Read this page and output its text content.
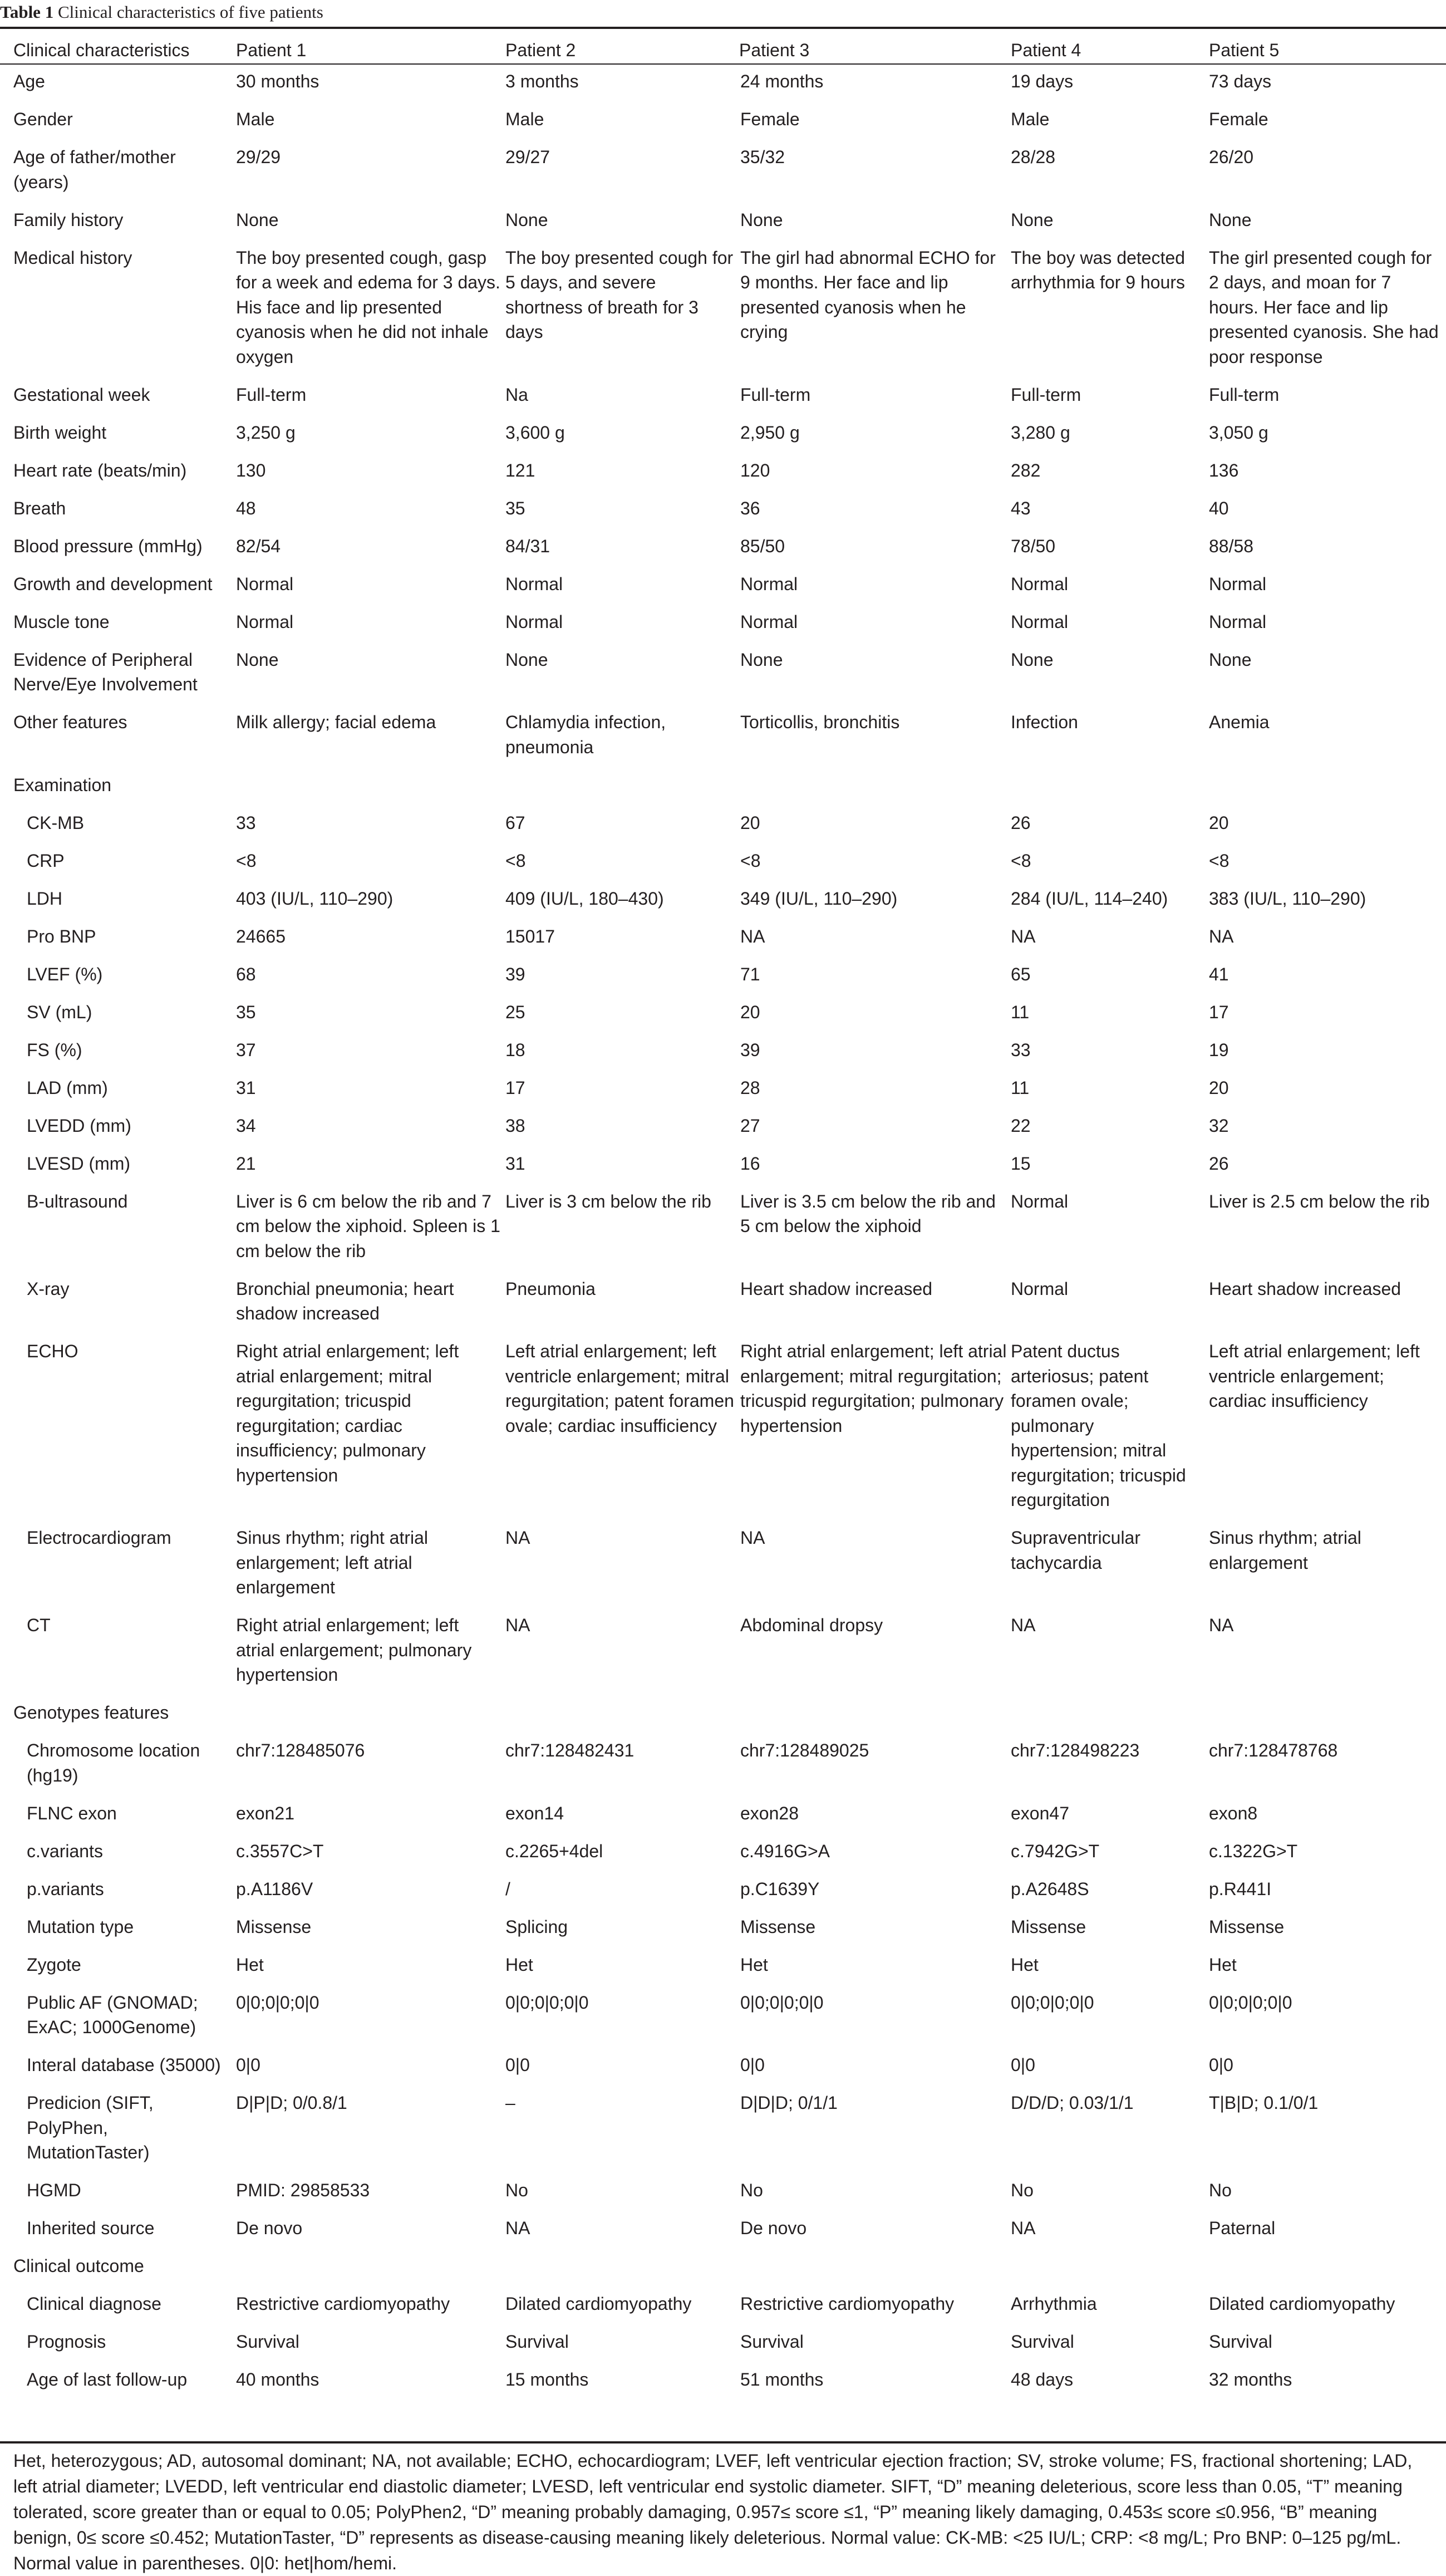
Table 1 Clinical characteristics of five patients
Clinical characteristics	Patient 1	Patient 2	Patient 3	Patient 4	Patient 5
Age	30 months	3 months	24 months	19 days	73 days
Gender	Male	Male	Female	Male	Female
Age of father/mother (years)	29/29	29/27	35/32	28/28	26/20
Family history	None	None	None	None	None
Medical history	The boy presented cough, gasp for a week and edema for 3 days. His face and lip presented cyanosis when he did not inhale oxygen	The boy presented cough for 5 days, and severe shortness of breath for 3 days	The girl had abnormal ECHO for 9 months. Her face and lip presented cyanosis when he crying	The boy was detected arrhythmia for 9 hours	The girl presented cough for 2 days, and moan for 7 hours. Her face and lip presented cyanosis. She had poor response
Gestational week	Full-term	Na	Full-term	Full-term	Full-term
Birth weight	3,250 g	3,600 g	2,950 g	3,280 g	3,050 g
Heart rate (beats/min)	130	121	120	282	136
Breath	48	35	36	43	40
Blood pressure (mmHg)	82/54	84/31	85/50	78/50	88/58
Growth and development	Normal	Normal	Normal	Normal	Normal
Muscle tone	Normal	Normal	Normal	Normal	Normal
Evidence of Peripheral Nerve/Eye Involvement	None	None	None	None	None
Other features	Milk allergy; facial edema	Chlamydia infection, pneumonia	Torticollis, bronchitis	Infection	Anemia
Examination					
CK-MB	33	67	20	26	20
CRP	<8	<8	<8	<8	<8
LDH	403 (IU/L, 110–290)	409 (IU/L, 180–430)	349 (IU/L, 110–290)	284 (IU/L, 114–240)	383 (IU/L, 110–290)
Pro BNP	24665	15017	NA	NA	NA
LVEF (%)	68	39	71	65	41
SV (mL)	35	25	20	11	17
FS (%)	37	18	39	33	19
LAD (mm)	31	17	28	11	20
LVEDD (mm)	34	38	27	22	32
LVESD (mm)	21	31	16	15	26
B-ultrasound	Liver is 6 cm below the rib and 7 cm below the xiphoid. Spleen is 1 cm below the rib	Liver is 3 cm below the rib	Liver is 3.5 cm below the rib and 5 cm below the xiphoid	Normal	Liver is 2.5 cm below the rib
X-ray	Bronchial pneumonia; heart shadow increased	Pneumonia	Heart shadow increased	Normal	Heart shadow increased
ECHO	Right atrial enlargement; left atrial enlargement; mitral regurgitation; tricuspid regurgitation; cardiac insufficiency; pulmonary hypertension	Left atrial enlargement; left ventricle enlargement; mitral regurgitation; patent foramen ovale; cardiac insufficiency	Right atrial enlargement; left atrial enlargement; mitral regurgitation; tricuspid regurgitation; pulmonary hypertension	Patent ductus arteriosus; patent foramen ovale; pulmonary hypertension; mitral regurgitation; tricuspid regurgitation	Left atrial enlargement; left ventricle enlargement; cardiac insufficiency
Electrocardiogram	Sinus rhythm; right atrial enlargement; left atrial enlargement	NA	NA	Supraventricular tachycardia	Sinus rhythm; atrial enlargement
CT	Right atrial enlargement; left atrial enlargement; pulmonary hypertension	NA	Abdominal dropsy	NA	NA
Genotypes features					
Chromosome location (hg19)	chr7:128485076	chr7:128482431	chr7:128489025	chr7:128498223	chr7:128478768
FLNC exon	exon21	exon14	exon28	exon47	exon8
c.variants	c.3557C>T	c.2265+4del	c.4916G>A	c.7942G>T	c.1322G>T
p.variants	p.A1186V	/	p.C1639Y	p.A2648S	p.R441I
Mutation type	Missense	Splicing	Missense	Missense	Missense
Zygote	Het	Het	Het	Het	Het
Public AF (GNOMAD; ExAC; 1000Genome)	0|0;0|0;0|0	0|0;0|0;0|0	0|0;0|0;0|0	0|0;0|0;0|0	0|0;0|0;0|0
Interal database (35000)	0|0	0|0	0|0	0|0	0|0
Predicion (SIFT, PolyPhen, MutationTaster)	D|P|D; 0/0.8/1	–	D|D|D; 0/1/1	D/D/D; 0.03/1/1	T|B|D; 0.1/0/1
HGMD	PMID: 29858533	No	No	No	No
Inherited source	De novo	NA	De novo	NA	Paternal
Clinical outcome					
Clinical diagnose	Restrictive cardiomyopathy	Dilated cardiomyopathy	Restrictive cardiomyopathy	Arrhythmia	Dilated cardiomyopathy
Prognosis	Survival	Survival	Survival	Survival	Survival
Age of last follow-up	40 months	15 months	51 months	48 days	32 months
Het, heterozygous; AD, autosomal dominant; NA, not available; ECHO, echocardiogram; LVEF, left ventricular ejection fraction; SV, stroke volume; FS, fractional shortening; LAD, left atrial diameter; LVEDD, left ventricular end diastolic diameter; LVESD, left ventricular end systolic diameter. SIFT, “D” meaning deleterious, score less than 0.05, “T” meaning tolerated, score greater than or equal to 0.05; PolyPhen2, “D” meaning probably damaging, 0.957≤ score ≤1, “P” meaning likely damaging, 0.453≤ score ≤0.956, “B” meaning benign, 0≤ score ≤0.452; MutationTaster, “D” represents as disease-causing meaning likely deleterious. Normal value: CK-MB: <25 IU/L; CRP: <8 mg/L; Pro BNP: 0–125 pg/mL. Normal value in parentheses. 0|0: het|hom/hemi.
